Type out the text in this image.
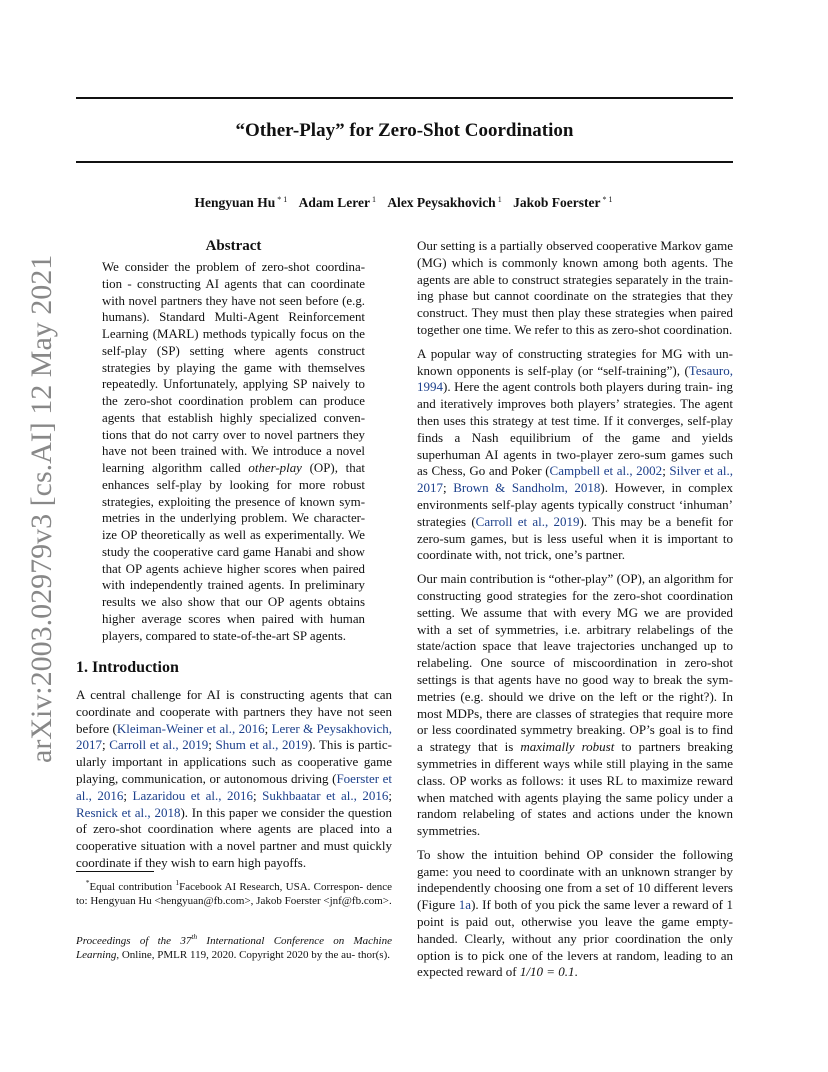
“Other-Play” for Zero-Shot Coordination
Hengyuan Hu $^{* 1}$ Adam Lerer $^1$ Alex Peysakhovich $^1$ Jakob Foerster $^{* 1}$
arXiv:2003.02979v3 [cs.AI] 12 May 2021
Abstract

We consider the problem of zero-shot coordina- tion - constructing AI agents that can coordinate with novel partners they have not seen before (e.g. humans). Standard Multi-Agent Reinforcement Learning (MARL) methods typically focus on the self-play (SP) setting where agents construct strategies by playing the game with themselves repeatedly. Unfortunately, applying SP naively to the zero-shot coordination problem can produce agents that establish highly specialized conven- tions that do not carry over to novel partners they have not been trained with. We introduce a novel learning algorithm called other-play (OP), that enhances self-play by looking for more robust strategies, exploiting the presence of known sym- metries in the underlying problem. We character- ize OP theoretically as well as experimentally. We study the cooperative card game Hanabi and show that OP agents achieve higher scores when paired with independently trained agents. In preliminary results we also show that our OP agents obtains higher average scores when paired with human players, compared to state-of-the-art SP agents.

1. Introduction

A central challenge for AI is constructing agents that can coordinate and cooperate with partners they have not seen before (Kleiman-Weiner et al., 2016; Lerer & Peysakhovich, 2017; Carroll et al., 2019; Shum et al., 2019). This is partic- ularly important in applications such as cooperative game playing, communication, or autonomous driving (Foerster et al., 2016; Lazaridou et al., 2016; Sukhbaatar et al., 2016; Resnick et al., 2018). In this paper we consider the question of zero-shot coordination where agents are placed into a cooperative situation with a novel partner and must quickly coordinate if they wish to earn high payoffs.

*Equal contribution $^1$Facebook AI Research, USA. Correspon- dence to: Hengyuan Hu <hengyuan@fb.com>, Jakob Foerster <jnf@fb.com>.

Proceedings of the 37th International Conference on Machine Learning, Online, PMLR 119, 2020. Copyright 2020 by the au- thor(s).

Our setting is a partially observed cooperative Markov game (MG) which is commonly known among both agents. The agents are able to construct strategies separately in the train- ing phase but cannot coordinate on the strategies that they construct. They must then play these strategies when paired together one time. We refer to this as zero-shot coordination.

A popular way of constructing strategies for MG with un- known opponents is self-play (or “self-training”), (Tesauro, 1994). Here the agent controls both players during train- ing and iteratively improves both players’ strategies. The agent then uses this strategy at test time. If it converges, self-play finds a Nash equilibrium of the game and yields superhuman AI agents in two-player zero-sum games such as Chess, Go and Poker (Campbell et al., 2002; Silver et al., 2017; Brown & Sandholm, 2018). However, in complex environments self-play agents typically construct ‘inhuman’ strategies (Carroll et al., 2019). This may be a benefit for zero-sum games, but is less useful when it is important to coordinate with, not trick, one’s partner.

Our main contribution is “other-play” (OP), an algorithm for constructing good strategies for the zero-shot coordination setting. We assume that with every MG we are provided with a set of symmetries, i.e. arbitrary relabelings of the state/action space that leave trajectories unchanged up to relabeling. One source of miscoordination in zero-shot settings is that agents have no good way to break the sym- metries (e.g. should we drive on the left or the right?). In most MDPs, there are classes of strategies that require more or less coordinated symmetry breaking. OP’s goal is to find a strategy that is maximally robust to partners breaking symmetries in different ways while still playing in the same class. OP works as follows: it uses RL to maximize reward when matched with agents playing the same policy under a random relabeling of states and actions under the known symmetries.

To show the intuition behind OP consider the following game: you need to coordinate with an unknown stranger by independently choosing one from a set of 10 different levers (Figure 1a). If both of you pick the same lever a reward of 1 point is paid out, otherwise you leave the game empty-handed. Clearly, without any prior coordination the only option is to pick one of the levers at random, leading to an expected reward of 1/10 = 0.1.
